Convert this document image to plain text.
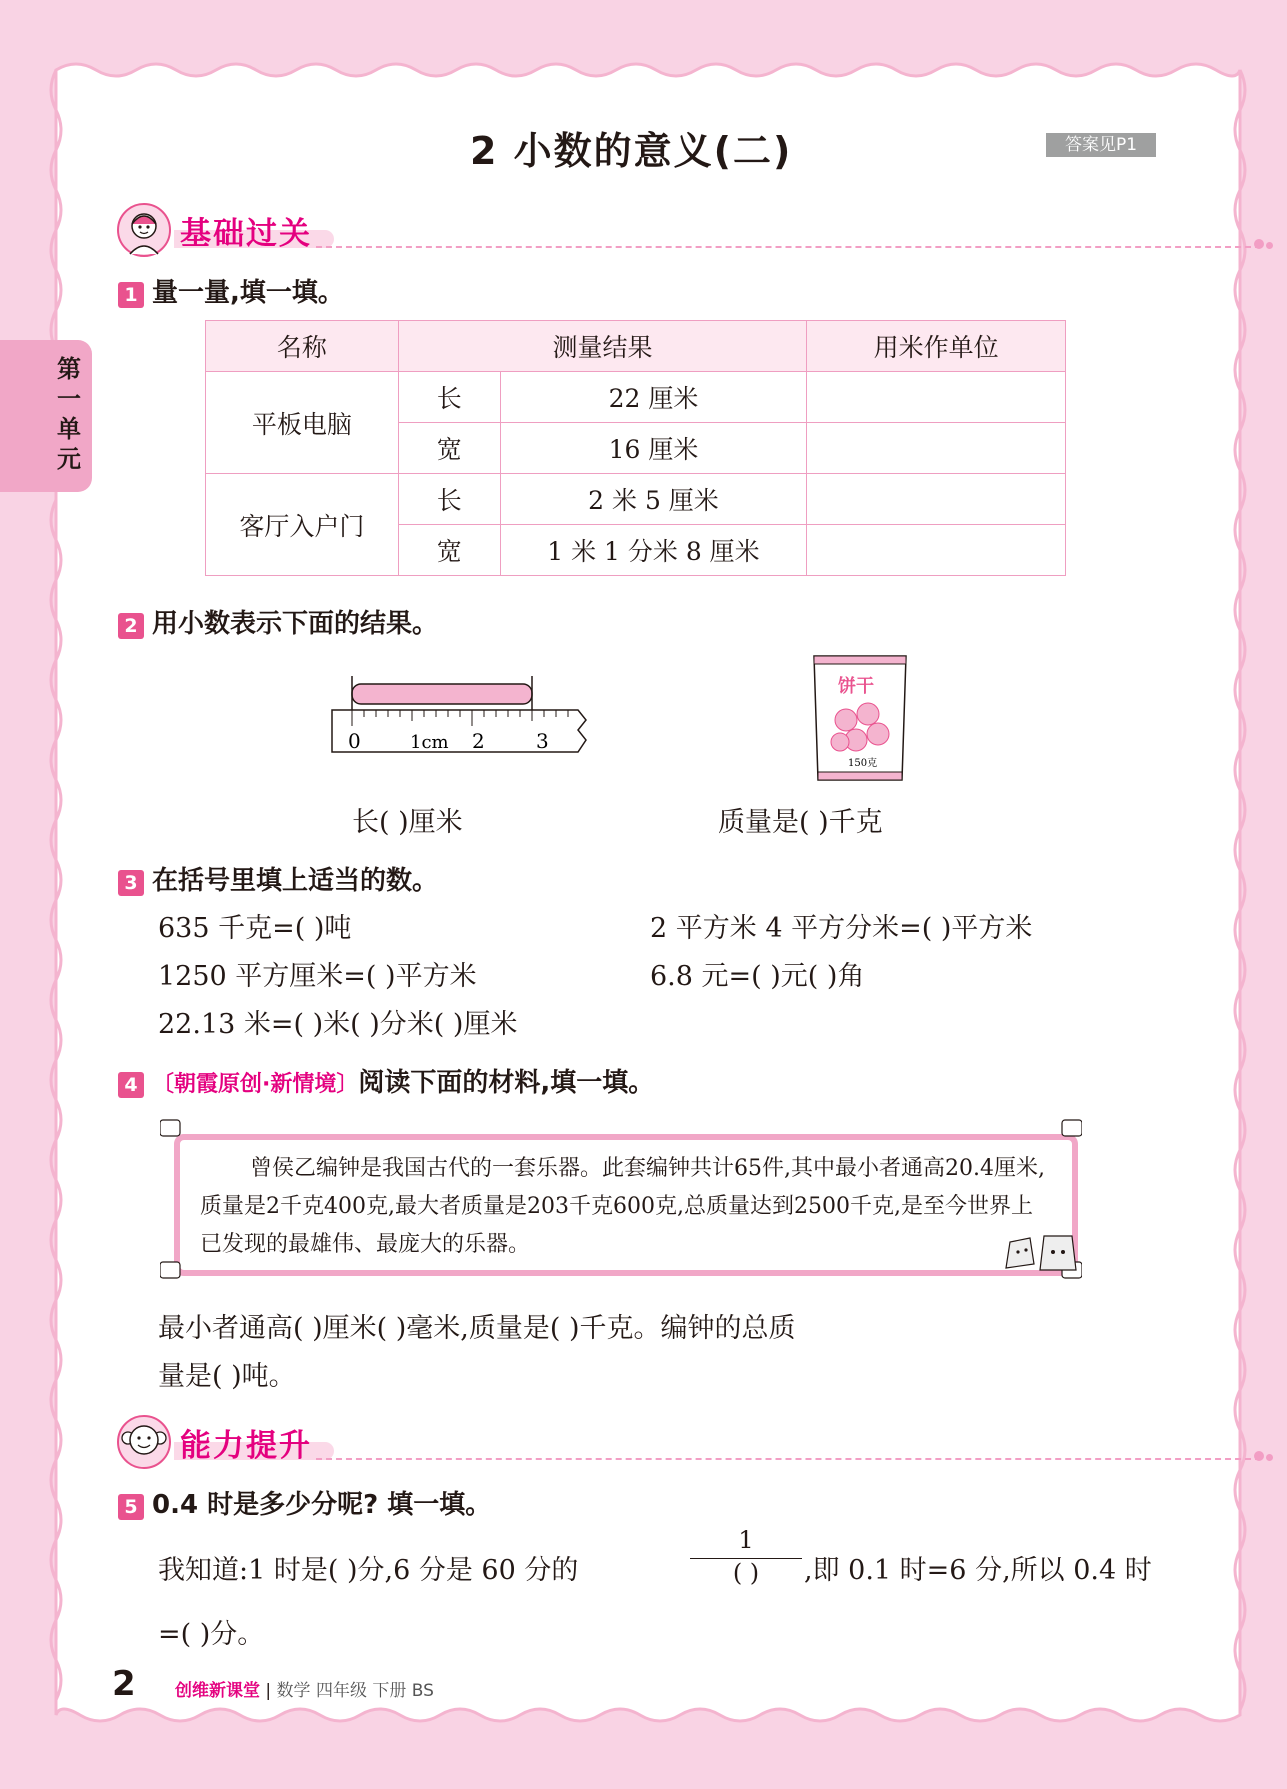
第一单元
2 小数的意义(二)	答案见P1
基础过关
1 量一量,填一填。
名称	测量结果		用米作单位
平板电脑	长	22 厘米	
	宽	16 厘米	
客厅入户门	长	2 米 5 厘米	
	宽	1 米 1 分米 8 厘米	
2 用小数表示下面的结果。
0	1cm 2	3
饼干
150克
长( )厘米	质量是( )千克
3 在括号里填上适当的数。
635 千克=( )吨	2 平方米 4 平方分米=( )平方米
1250 平方厘米=( )平方米	6.8 元=( )元( )角
22.13 米=( )米( )分米( )厘米
4 〔朝霞原创·新情境〕阅读下面的材料,填一填。
曾侯乙编钟是我国古代的一套乐器。此套编钟共计65件,其中最小者通高20.4厘米,质量是2千克400克,最大者质量是203千克600克,总质量达到2500千克,是至今世界上已发现的最雄伟、最庞大的乐器。
最小者通高( )厘米( )毫米,质量是( )千克。编钟的总质
量是( )吨。
能力提升
5 0.4 时是多少分呢? 填一填。
我知道:1 时是( )分,6 分是 60 分的
1
( )	,即 0.1 时=6 分,所以 0.4 时
=( )分。
2 创维新课堂 | 数学 四年级 下册 BS
